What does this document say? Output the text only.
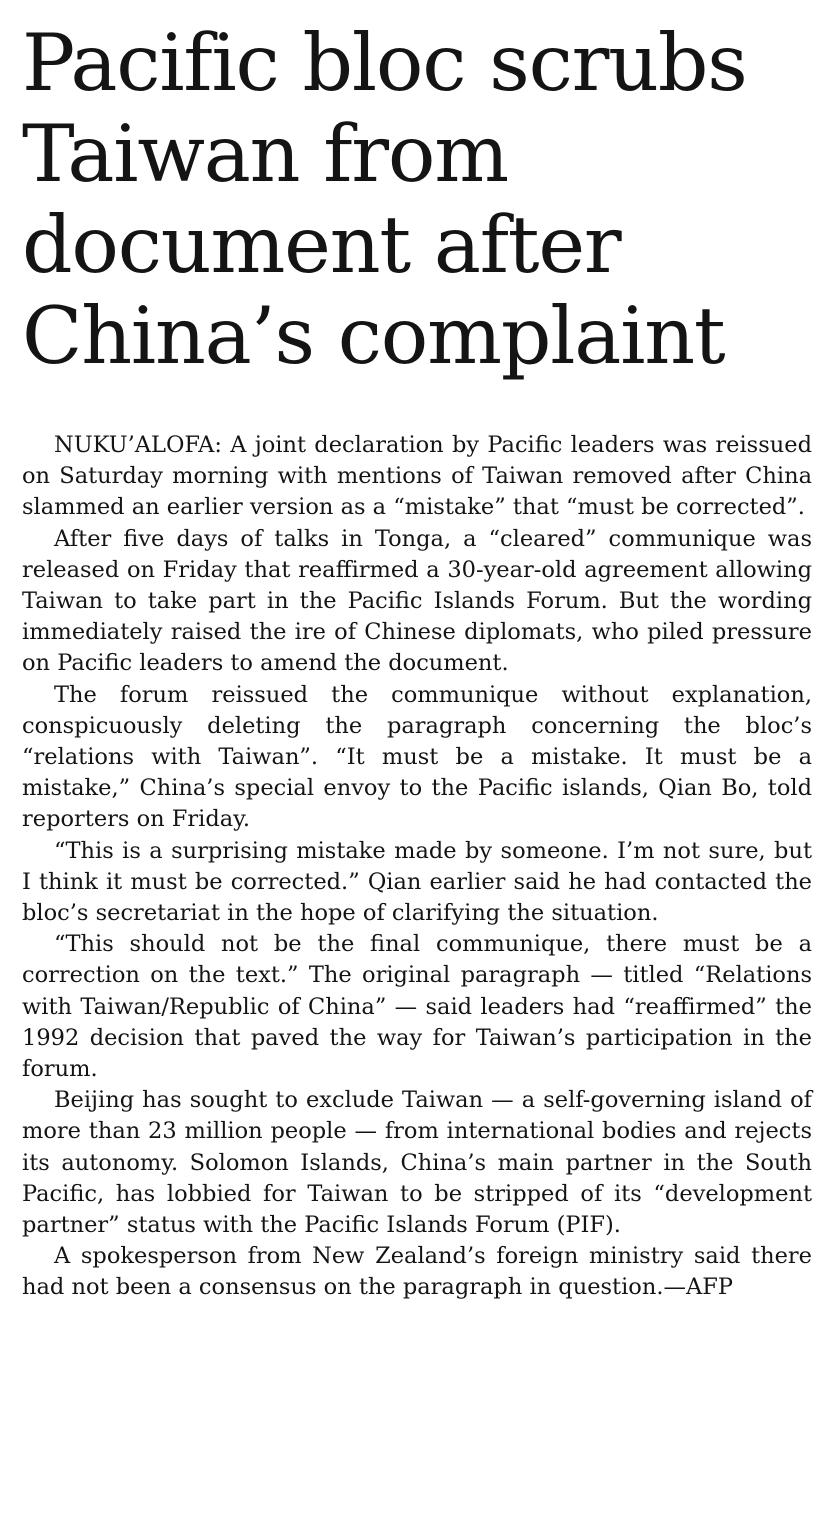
Pacific bloc scrubs
Taiwan from
document after
China’s complaint

NUKU’ALOFA: A joint declaration by Pacific leaders was reissued on Saturday morning with mentions of Taiwan removed after China slammed an earlier version as a “mistake” that “must be corrected”.

After five days of talks in Tonga, a “cleared” communique was released on Friday that reaffirmed a 30-year-old agreement allowing Taiwan to take part in the Pacific Islands Forum. But the wording immediately raised the ire of Chinese diplomats, who piled pressure on Pacific leaders to amend the document.

The forum reissued the communique without explanation, conspicuously deleting the paragraph concerning the bloc’s “relations with Taiwan”. “It must be a mistake. It must be a mistake,” China’s special envoy to the Pacific islands, Qian Bo, told reporters on Friday.

“This is a surprising mistake made by someone. I’m not sure, but I think it must be corrected.” Qian earlier said he had contacted the bloc’s secretariat in the hope of clarifying the situation.

“This should not be the final communique, there must be a correction on the text.” The original paragraph — titled “Relations with Taiwan/Republic of China” — said leaders had “reaffirmed” the 1992 decision that paved the way for Taiwan’s participation in the forum.

Beijing has sought to exclude Taiwan — a self-governing island of more than 23 million people — from international bodies and rejects its autonomy. Solomon Islands, China’s main partner in the South Pacific, has lobbied for Taiwan to be stripped of its “development partner” status with the Pacific Islands Forum (PIF).

A spokesperson from New Zealand’s foreign ministry said there had not been a consensus on the paragraph in question.—AFP
